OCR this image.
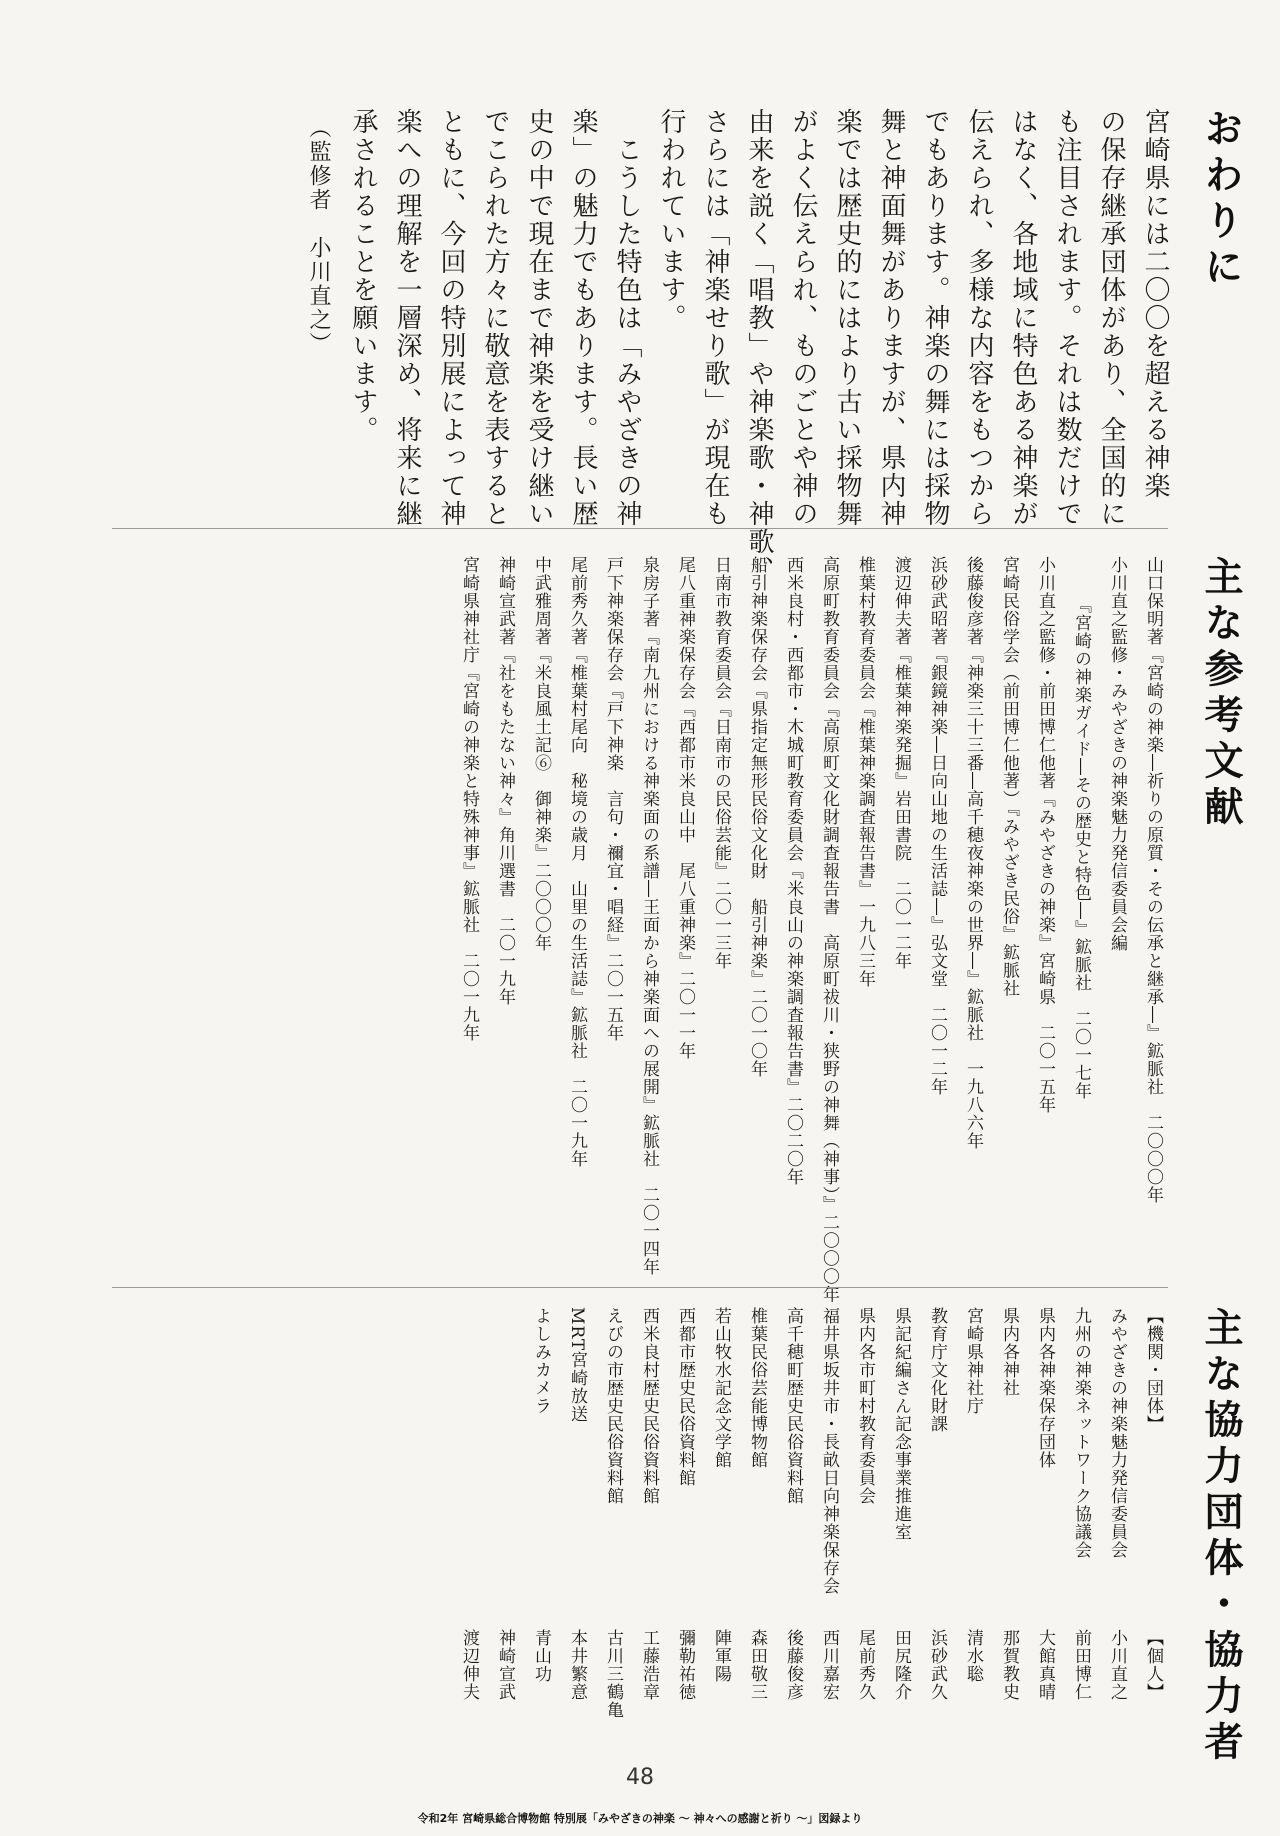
おわりに
宮崎県には二〇〇を超える神楽
の保存継承団体があり、全国的に
も注目されます。それは数だけで
はなく、各地域に特色ある神楽が
伝えられ、多様な内容をもつから
でもあります。神楽の舞には採物
舞と神面舞がありますが、県内神
楽では歴史的にはより古い採物舞
がよく伝えられ、ものごとや神の
由来を説く「唱教」や神楽歌・神歌、
さらには「神楽せり歌」が現在も
行われています。
　こうした特色は「みやざきの神
楽」の魅力でもあります。長い歴
史の中で現在まで神楽を受け継い
でこられた方々に敬意を表すると
ともに、今回の特別展によって神
楽への理解を一層深め、将来に継
承されることを願います。
（監修者　小川直之）
主な参考文献
山口保明著『宮崎の神楽―祈りの原質・その伝承と継承―』鉱脈社　二〇〇〇年
小川直之監修・みやざきの神楽魅力発信委員会編
『宮崎の神楽ガイド―その歴史と特色―』鉱脈社　二〇一七年
小川直之監修・前田博仁他著『みやざきの神楽』宮崎県　二〇一五年
宮崎民俗学会（前田博仁他著）『みやざき民俗』鉱脈社
後藤俊彦著『神楽三十三番―高千穂夜神楽の世界―』鉱脈社　一九八六年
浜砂武昭著『銀鏡神楽―日向山地の生活誌―』弘文堂　二〇一二年
渡辺伸夫著『椎葉神楽発掘』岩田書院　二〇一二年
椎葉村教育委員会『椎葉神楽調査報告書』一九八三年
高原町教育委員会『高原町文化財調査報告書　高原町祓川・狭野の神舞（神事）』二〇〇〇年
西米良村・西都市・木城町教育委員会『米良山の神楽調査報告書』二〇二〇年
船引神楽保存会『県指定無形民俗文化財　船引神楽』二〇一〇年
日南市教育委員会『日南市の民俗芸能』二〇一三年
尾八重神楽保存会『西都市米良山中　尾八重神楽』二〇一一年
泉房子著『南九州における神楽面の系譜―王面から神楽面への展開』鉱脈社　二〇一四年
戸下神楽保存会『戸下神楽　言句・禰宜・唱経』二〇一五年
尾前秀久著『椎葉村尾向　秘境の歳月　山里の生活誌』鉱脈社　二〇一九年
中武雅周著『米良風土記⑥　御神楽』二〇〇〇年
神崎宣武著『社をもたない神々』角川選書　二〇一九年
宮崎県神社庁『宮崎の神楽と特殊神事』鉱脈社　二〇一九年
主な協力団体・協力者
【機関・団体】
みやざきの神楽魅力発信委員会
九州の神楽ネットワーク協議会
県内各神楽保存団体
県内各神社
宮崎県神社庁
教育庁文化財課
県記紀編さん記念事業推進室
県内各市町村教育委員会
福井県坂井市・長畝日向神楽保存会
高千穂町歴史民俗資料館
椎葉民俗芸能博物館
若山牧水記念文学館
西都市歴史民俗資料館
西米良村歴史民俗資料館
えびの市歴史民俗資料館
MRT宮崎放送
よしみカメラ
【個人】
小川直之
前田博仁
大館真晴
那賀教史
清水聡
浜砂武久
田尻隆介
尾前秀久
西川嘉宏
後藤俊彦
森田敬三
陣軍陽
彌勒祐徳
工藤浩章
古川三鶴亀
本井繁意
青山功
神崎宣武
渡辺伸夫
48
令和2年 宮崎県総合博物館 特別展「みやざきの神楽 ～ 神々への感謝と祈り ～」図録より
